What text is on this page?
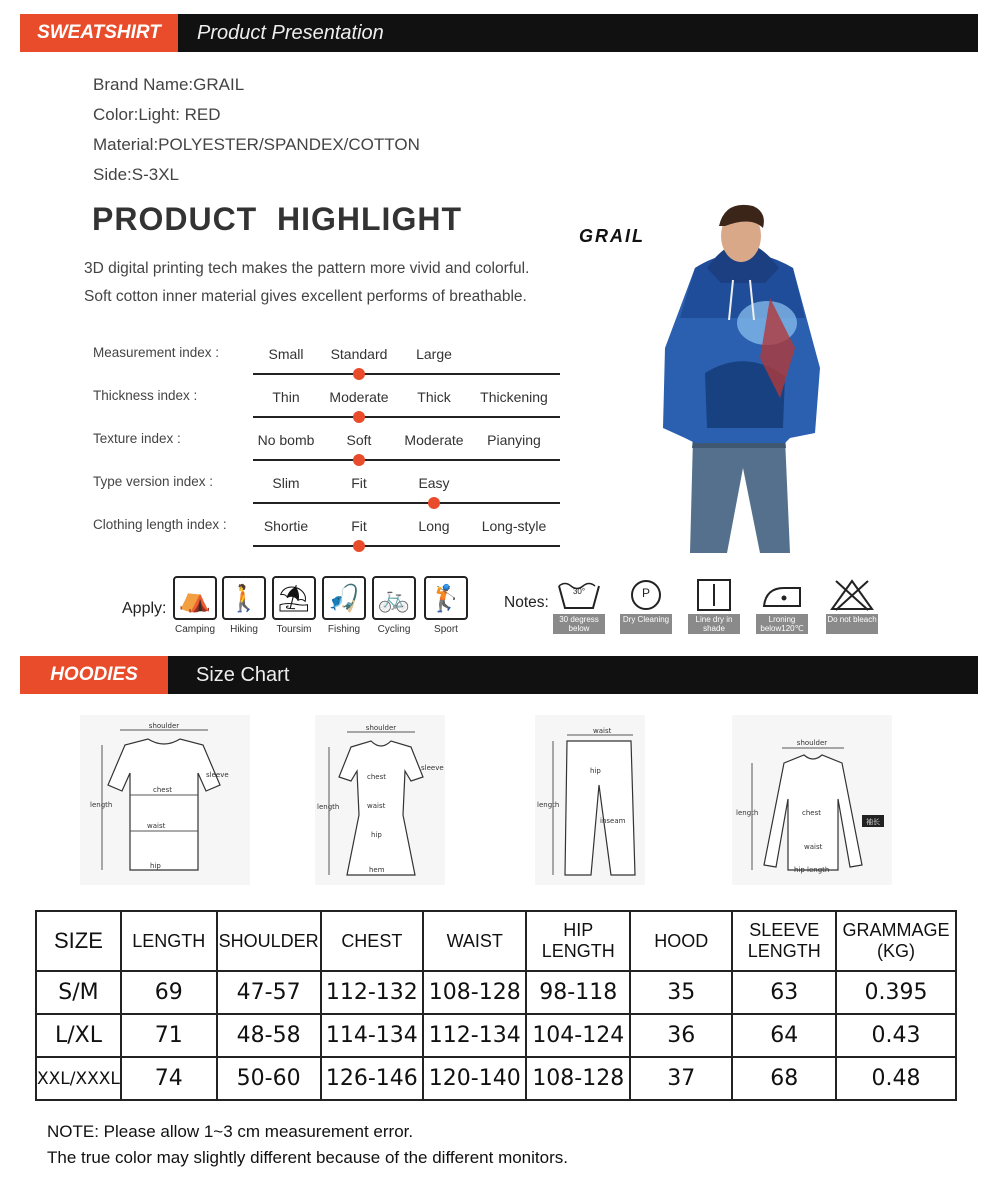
SWEATSHIRT	Product Presentation
Brand Name:GRAIL
Color:Light: RED
Material:POLYESTER/SPANDEX/COTTON
Side:S-3XL
PRODUCT  HIGHLIGHT
3D digital printing tech makes the pattern more vivid and colorful.
Soft cotton inner material gives excellent performs of breathable.
Measurement index :	Small	Standard	Large
Thickness index :	Thin	Moderate	Thick	Thickening
Texture index :	No bomb	Soft	Moderate	Pianying
Type version index :	Slim	Fit	Easy
Clothing length index :	Shortie	Fit	Long	Long-style
Apply: ⛺
Camping
🚶
Hiking
⛱
Toursim
🎣
Fishing
🚲
Cycling
🏌
Sport
Notes:
30°
30 degress below
P
Dry Cleaning	Line dry in shade
Lroning below120℃
Do not bleach
GRAIL
HOODIES	Size Chart
shoulder
sleeve
chest
length
waist
hip
shoulder
sleeve
chest
length	waist
hip
hem
waist
hip
length
inseam
shoulder
chest
length
waist
hip length
袖长
SIZE	LENGTH	SHOULDER	CHEST	WAIST	HIP LENGTH	HOOD	SLEEVE LENGTH	GRAMMAGE (KG)
S/M	69	47-57	112-132	108-128	98-118	35	63	0.395
L/XL	71	48-58	114-134	112-134	104-124	36	64	0.43
XXL/XXXL	74	50-60	126-146	120-140	108-128	37	68	0.48
NOTE: Please allow 1~3 cm measurement error.
The true color may slightly different because of the different monitors.
